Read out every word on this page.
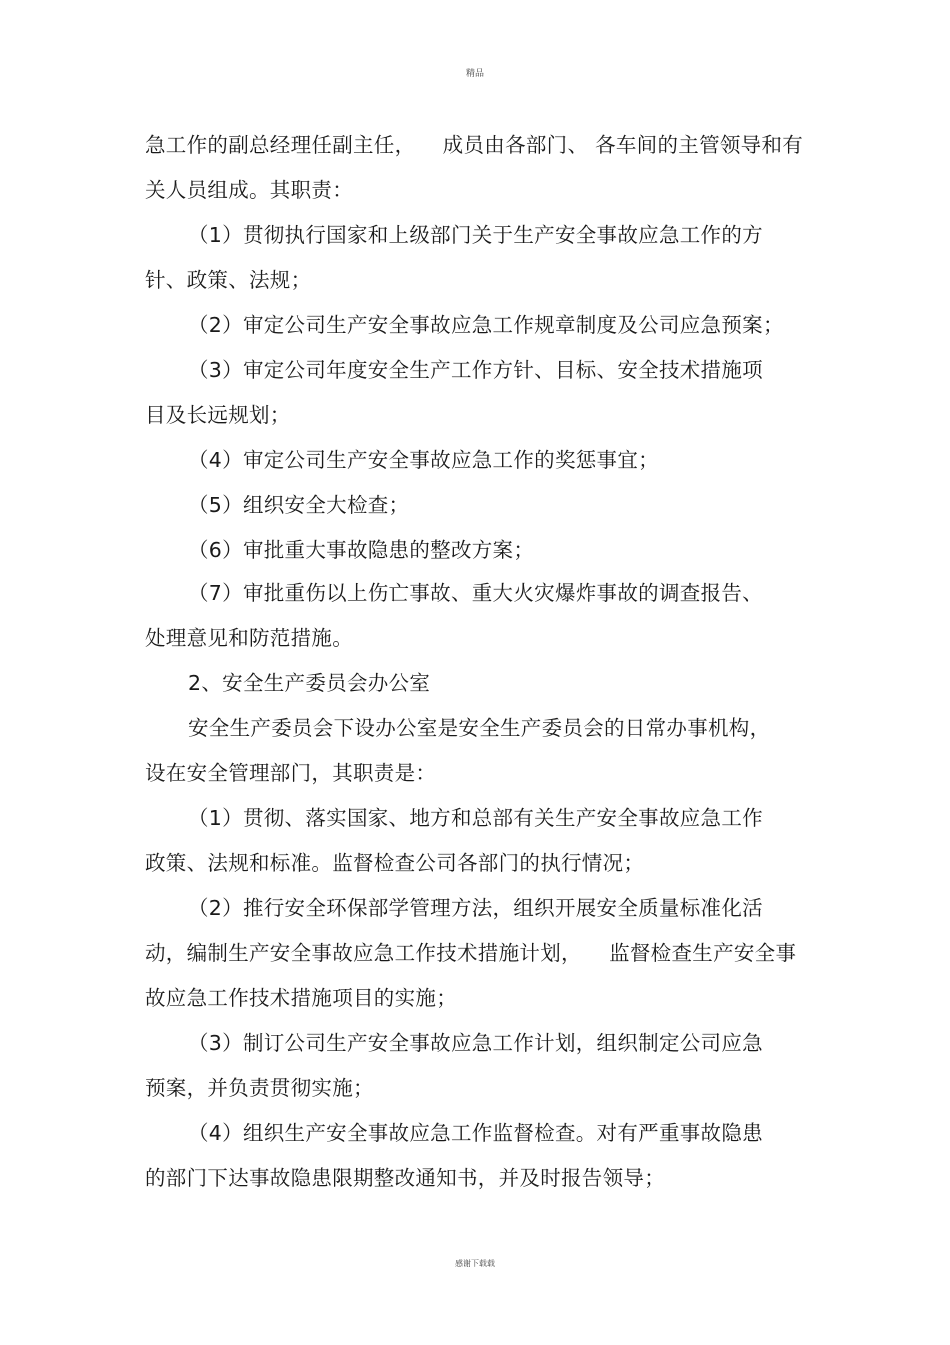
精品
急工作的副总经理任副主任，    成员由各部门、 各车间的主管领导和有
关人员组成。其职责：
（1）贯彻执行国家和上级部门关于生产安全事故应急工作的方
针、政策、法规；
（2）审定公司生产安全事故应急工作规章制度及公司应急预案；
（3）审定公司年度安全生产工作方针、目标、安全技术措施项
目及长远规划；
（4）审定公司生产安全事故应急工作的奖惩事宜；
（5）组织安全大检查；
（6）审批重大事故隐患的整改方案；
（7）审批重伤以上伤亡事故、重大火灾爆炸事故的调查报告、
处理意见和防范措施。
2、安全生产委员会办公室
安全生产委员会下设办公室是安全生产委员会的日常办事机构，
设在安全管理部门，其职责是：
（1）贯彻、落实国家、地方和总部有关生产安全事故应急工作
政策、法规和标准。监督检查公司各部门的执行情况；
（2）推行安全环保部学管理方法，组织开展安全质量标准化活
动，编制生产安全事故应急工作技术措施计划，    监督检查生产安全事
故应急工作技术措施项目的实施；
（3）制订公司生产安全事故应急工作计划，组织制定公司应急
预案，并负责贯彻实施；
（4）组织生产安全事故应急工作监督检查。对有严重事故隐患
的部门下达事故隐患限期整改通知书，并及时报告领导；
感谢下载载
